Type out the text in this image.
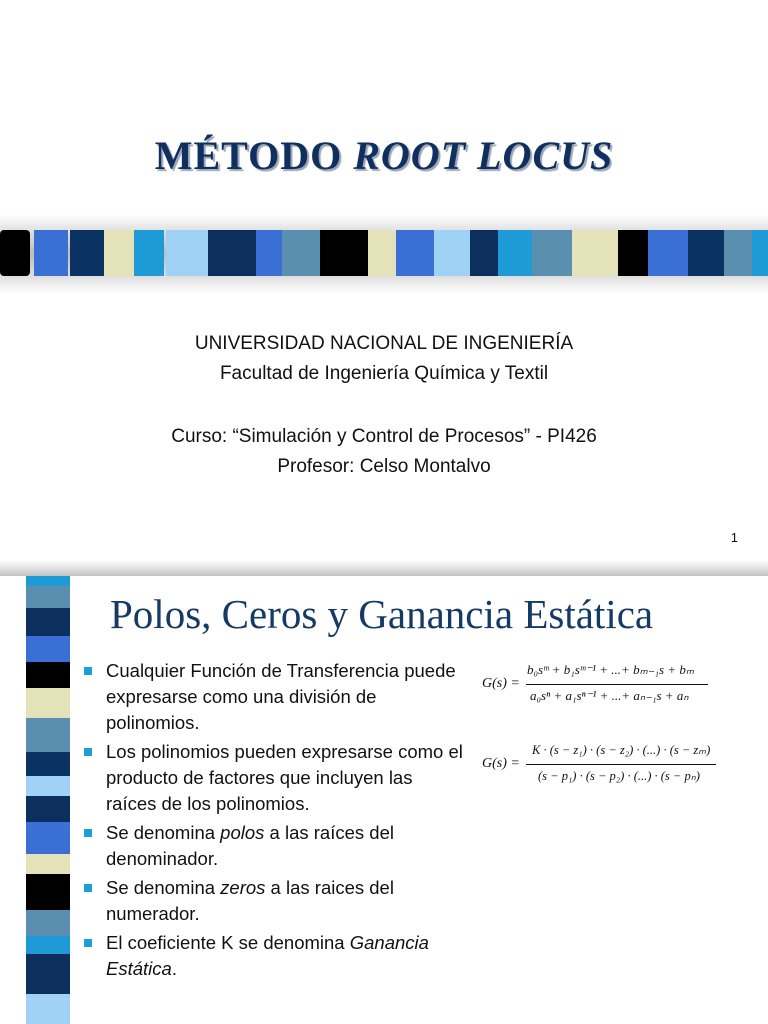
MÉTODO ROOT LOCUS
UNIVERSIDAD NACIONAL DE INGENIERÍA
Facultad de Ingeniería Química y Textil
Curso: “Simulación y Control de Procesos” - PI426
Profesor: Celso Montalvo
1
Polos, Ceros y Ganancia Estática
Cualquier Función de Transferencia puede expresarse como una división de polinomios.
Los polinomios pueden expresarse como el producto de factores que incluyen las raíces de los polinomios.
Se denomina polos a las raíces del denominador.
Se denomina zeros a las raices del numerador.
El coeficiente K se denomina Ganancia Estática.
G(s) =
b₀sᵐ + b₁sᵐ⁻¹ + ...+ bₘ₋₁s + bₘ
a₀sⁿ + a₁sⁿ⁻¹ + ...+ aₙ₋₁s + aₙ
G(s) =
K · (s − z₁) · (s − z₂) · (...) · (s − zₘ)
(s − p₁) · (s − p₂) · (...) · (s − pₙ)
